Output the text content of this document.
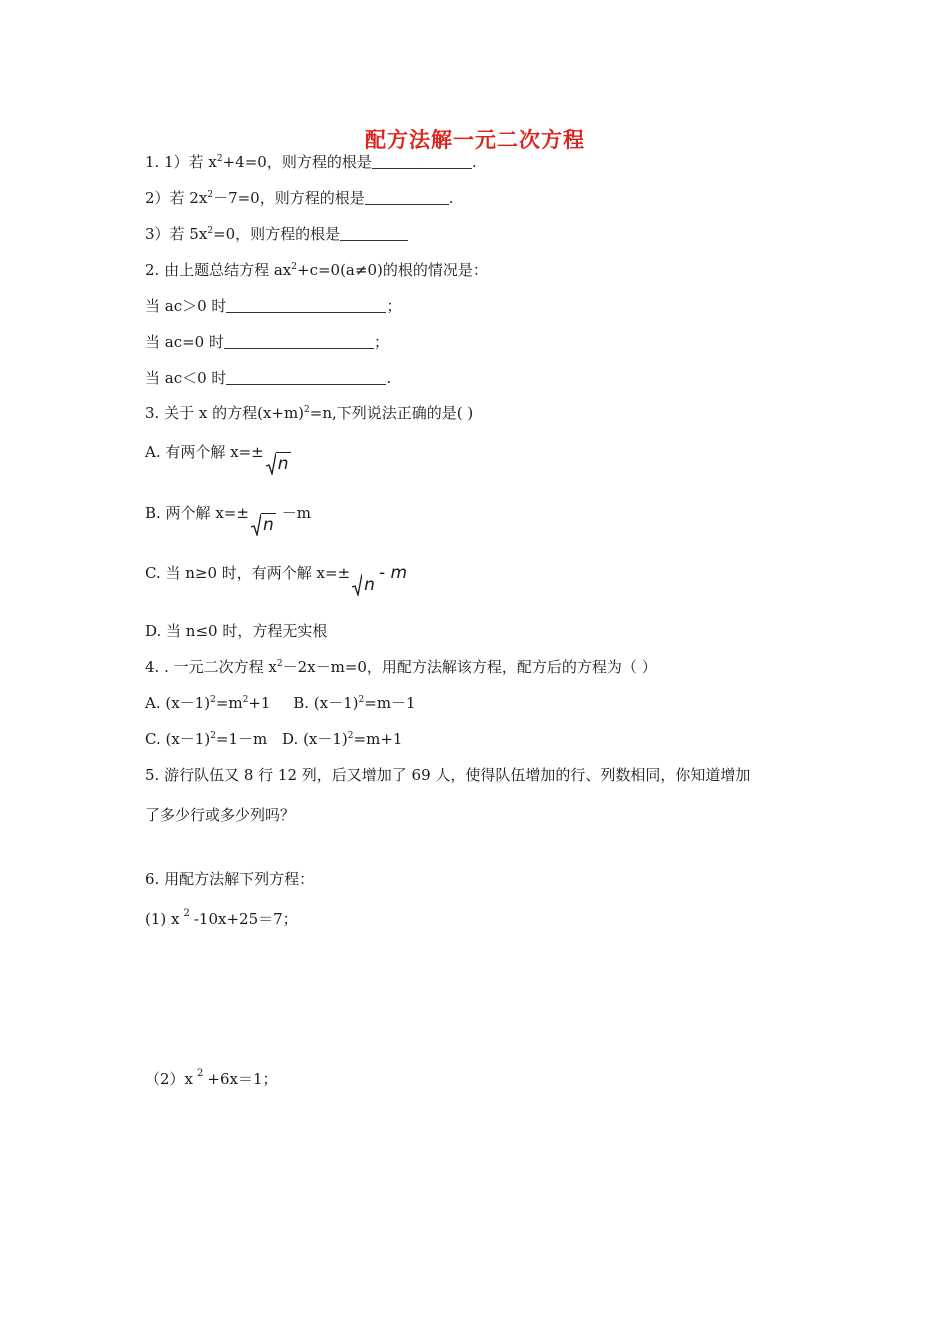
配方法解一元二次方程
1. 1）若 $x^2+4=0$，则方程的根是	.
2）若 $2x^2-7=0$，则方程的根是	.
3）若 $5x^2=0$，则方程的根是
2. 由上题总结方程 $ax^2+c=0(a\ne 0)$的根的情况是：
当 ac＞0 时	；
当 ac=0 时	；
当 ac＜0 时	.
3. 关于 x 的方程$(x+m)^2=n$,下列说法正确的是( )
A. 有两个解 x=±n
B. 两个解 x=±n－m
C. 当 n≥0 时，有两个解 x=±n- m
D. 当 n≤0 时，方程无实根
4. . 一元二次方程 $x^2-2x-m=0$，用配方法解该方程，配方后的方程为（ ）
A. $(x-1)^2=m^2+1$ B. $(x-1)^2=m-1$
C. $(x-1)^2=1-m$ D. $(x-1)^2=m+1$
5. 游行队伍又 8 行 12 列，后又增加了 69 人，使得队伍增加的行、列数相同，你知道增加
了多少行或多少列吗？
6. 用配方法解下列方程：
(1) x $^2$ -10x+25＝7；
（2）x $^2$ +6x＝1；
